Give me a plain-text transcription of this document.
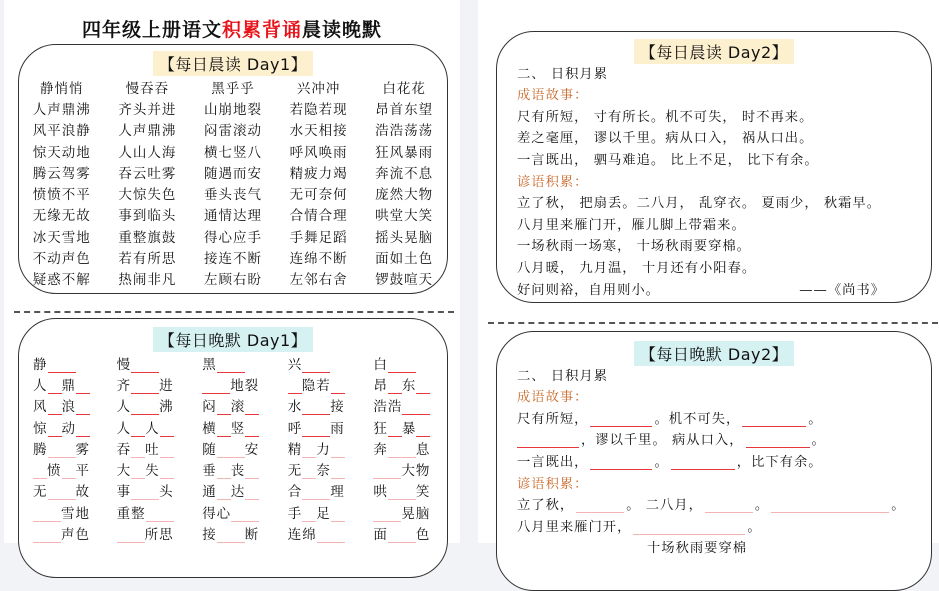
四年级上册语文积累背诵晨读晚默
【每日晨读 Day1】
静悄悄	慢吞吞	黑乎乎	兴冲冲	白花花
人声鼎沸	齐头并进	山崩地裂	若隐若现	昂首东望
风平浪静	人声鼎沸	闷雷滚动	水天相接	浩浩荡荡
惊天动地	人山人海	横七竖八	呼风唤雨	狂风暴雨
腾云驾雾	吞云吐雾	随遇而安	精疲力竭	奔流不息
愤愤不平	大惊失色	垂头丧气	无可奈何	庞然大物
无缘无故	事到临头	通情达理	合情合理	哄堂大笑
冰天雪地	重整旗鼓	得心应手	手舞足蹈	摇头晃脑
不动声色	若有所思	接连不断	连绵不断	面如土色
疑惑不解	热闹非凡	左顾右盼	左邻右舍	锣鼓喧天
【每日晚默 Day1】
静	慢	黑	兴	白
人 鼎	齐 进	地裂	隐若	昂 东
风 浪	人 沸	闷 滚	水 接	浩浩
惊 动	人 人	横 竖	呼 雨	狂 暴
腾 雾	吞 吐	随 安	精 力	奔 息
愤 平	大 失	垂 丧	无 奈	大物
无 故	事 头	通 达	合 理	哄 笑
雪地	重整	得心	手 足	晃脑
声色	所思	接 断	连绵	面 色
【每日晨读 Day2】
二、 日积月累
成语故事：
尺有所短， 寸有所长。机不可失， 时不再来。
差之毫厘， 谬以千里。病从口入， 祸从口出。
一言既出， 驷马难追。 比上不足， 比下有余。
谚语积累：
立了秋， 把扇丢。二八月， 乱穿衣。 夏雨少， 秋霜早。
八月里来雁门开，雁儿脚上带霜来。
一场秋雨一场寒， 十场秋雨要穿棉。
八月暖， 九月温， 十月还有小阳春。
好问则裕，自用则小。	——《尚书》
【每日晚默 Day2】
二、 日积月累
成语故事：
尺有所短，	。机不可失，	。
，谬以千里。 病从口入，	。
一言既出，	。	，比下有余。
谚语积累：
立了秋，	。 二八月，	。	。
八月里来雁门开，	。
十场秋雨要穿棉
